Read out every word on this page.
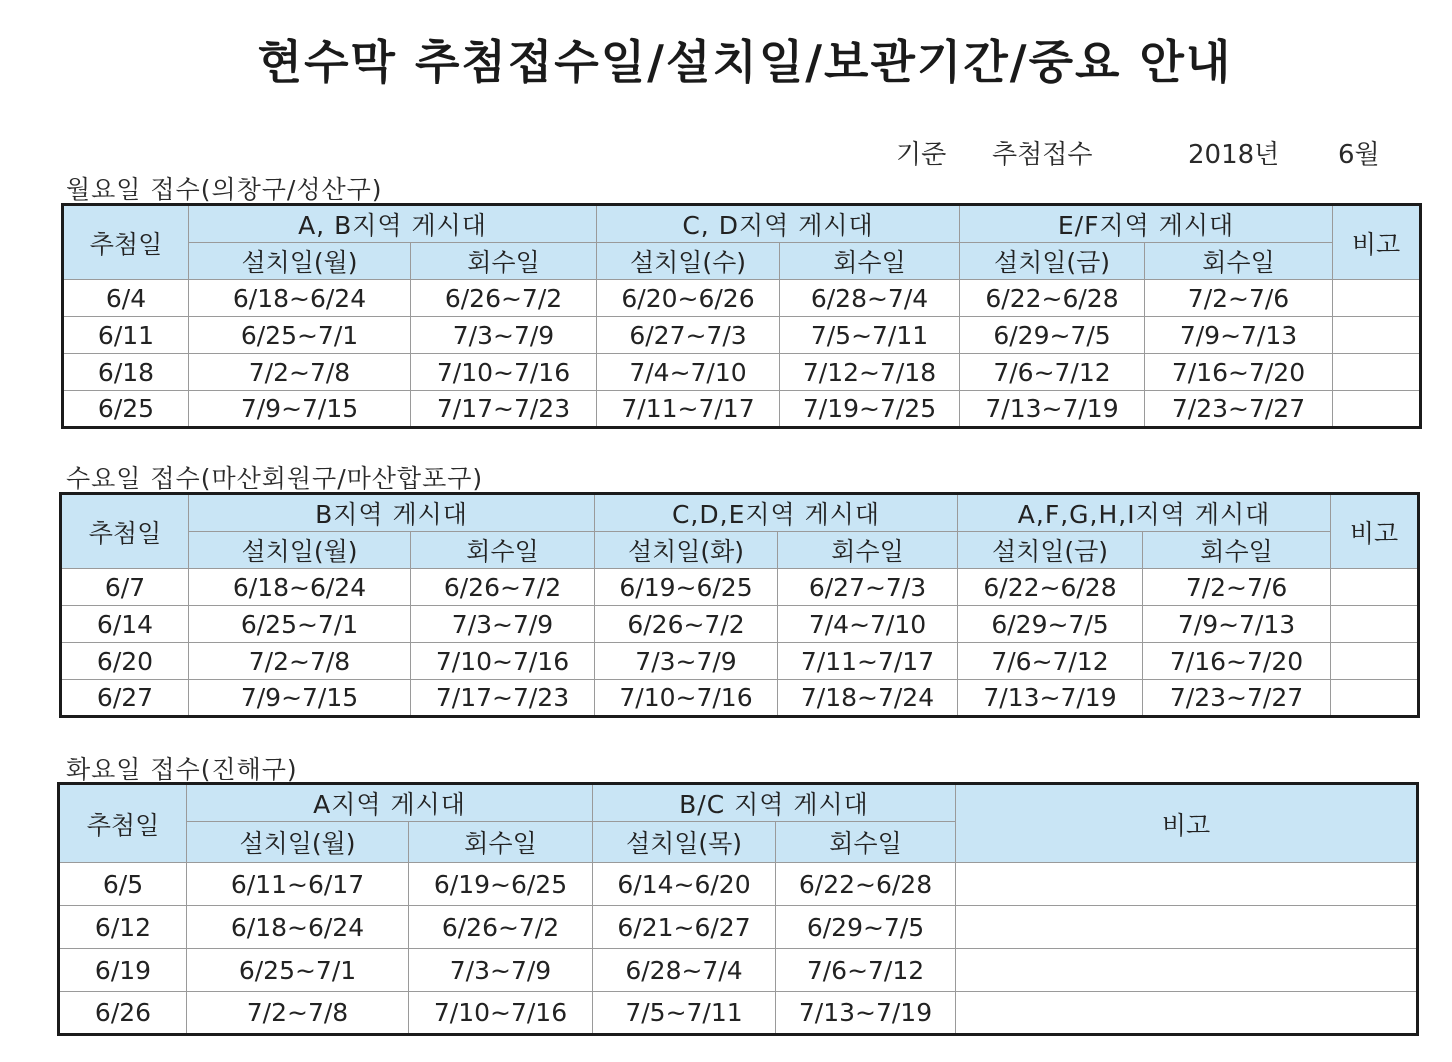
현수막 추첨접수일/설치일/보관기간/중요 안내
기준 추첨접수	2018년 6월
월요일 접수(의창구/성산구)
추첨일	A, B지역 게시대		C, D지역 게시대		E/F지역 게시대		비고
	설치일(월)	회수일	설치일(수)	회수일	설치일(금)	회수일	
6/4	6/18~6/24	6/26~7/2	6/20~6/26	6/28~7/4	6/22~6/28	7/2~7/6	
6/11	6/25~7/1	7/3~7/9	6/27~7/3	7/5~7/11	6/29~7/5	7/9~7/13	
6/18	7/2~7/8	7/10~7/16	7/4~7/10	7/12~7/18	7/6~7/12	7/16~7/20	
6/25	7/9~7/15	7/17~7/23	7/11~7/17	7/19~7/25	7/13~7/19	7/23~7/27	
수요일 접수(마산회원구/마산합포구)
추첨일	B지역 게시대		C,D,E지역 게시대		A,F,G,H,I지역 게시대		비고
	설치일(월)	회수일	설치일(화)	회수일	설치일(금)	회수일	
6/7	6/18~6/24	6/26~7/2	6/19~6/25	6/27~7/3	6/22~6/28	7/2~7/6	
6/14	6/25~7/1	7/3~7/9	6/26~7/2	7/4~7/10	6/29~7/5	7/9~7/13	
6/20	7/2~7/8	7/10~7/16	7/3~7/9	7/11~7/17	7/6~7/12	7/16~7/20	
6/27	7/9~7/15	7/17~7/23	7/10~7/16	7/18~7/24	7/13~7/19	7/23~7/27	
화요일 접수(진해구)
추첨일	A지역 게시대		B/C 지역 게시대		비고
	설치일(월)	회수일	설치일(목)	회수일	
6/5	6/11~6/17	6/19~6/25	6/14~6/20	6/22~6/28	
6/12	6/18~6/24	6/26~7/2	6/21~6/27	6/29~7/5	
6/19	6/25~7/1	7/3~7/9	6/28~7/4	7/6~7/12	
6/26	7/2~7/8	7/10~7/16	7/5~7/11	7/13~7/19	
